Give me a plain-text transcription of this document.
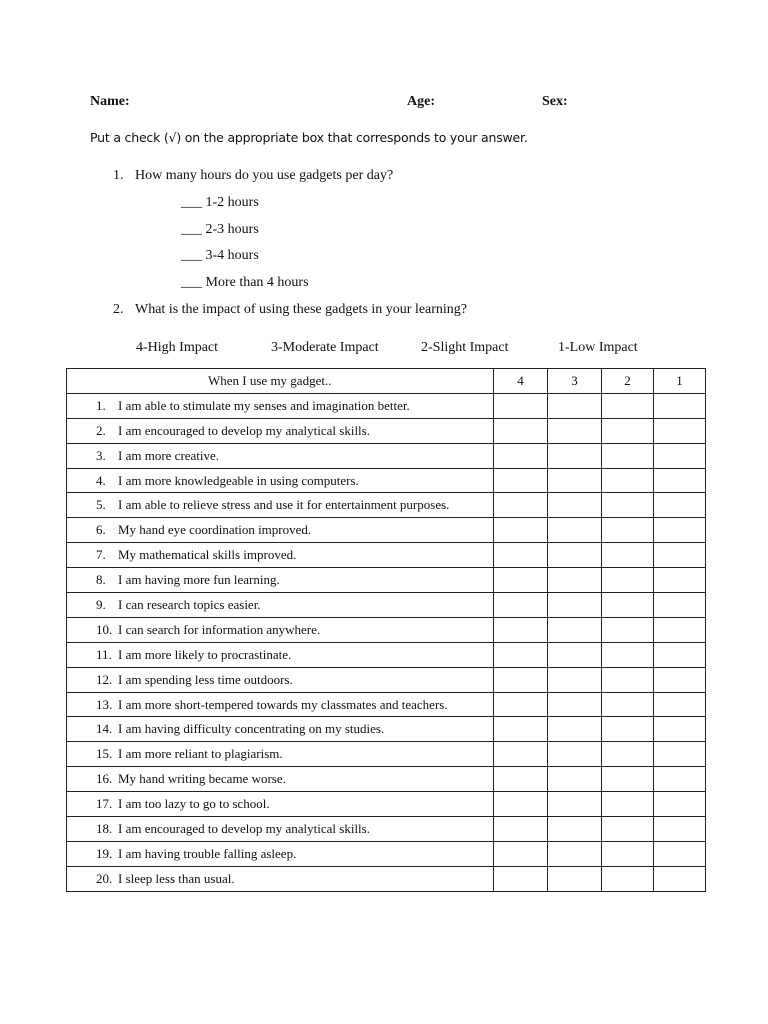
Name:	Age:	Sex:
Put a check (√) on the appropriate box that corresponds to your answer.
1. How many hours do you use gadgets per day?
___ 1-2 hours
___ 2-3 hours
___ 3-4 hours
___ More than 4 hours
2. What is the impact of using these gadgets in your learning?
4-High Impact	3-Moderate Impact	2-Slight Impact	1-Low Impact
When I use my gadget..	4	3	2	1
1. I am able to stimulate my senses and imagination better.				
2. I am encouraged to develop my analytical skills.				
3. I am more creative.				
4. I am more knowledgeable in using computers.				
5. I am able to relieve stress and use it for entertainment purposes.				
6. My hand eye coordination improved.				
7. My mathematical skills improved.				
8. I am having more fun learning.				
9. I can research topics easier.				
10. I can search for information anywhere.				
11. I am more likely to procrastinate.				
12. I am spending less time outdoors.				
13. I am more short-tempered towards my classmates and teachers.				
14. I am having difficulty concentrating on my studies.				
15. I am more reliant to plagiarism.				
16. My hand writing became worse.				
17. I am too lazy to go to school.				
18. I am encouraged to develop my analytical skills.				
19. I am having trouble falling asleep.				
20. I sleep less than usual.				
